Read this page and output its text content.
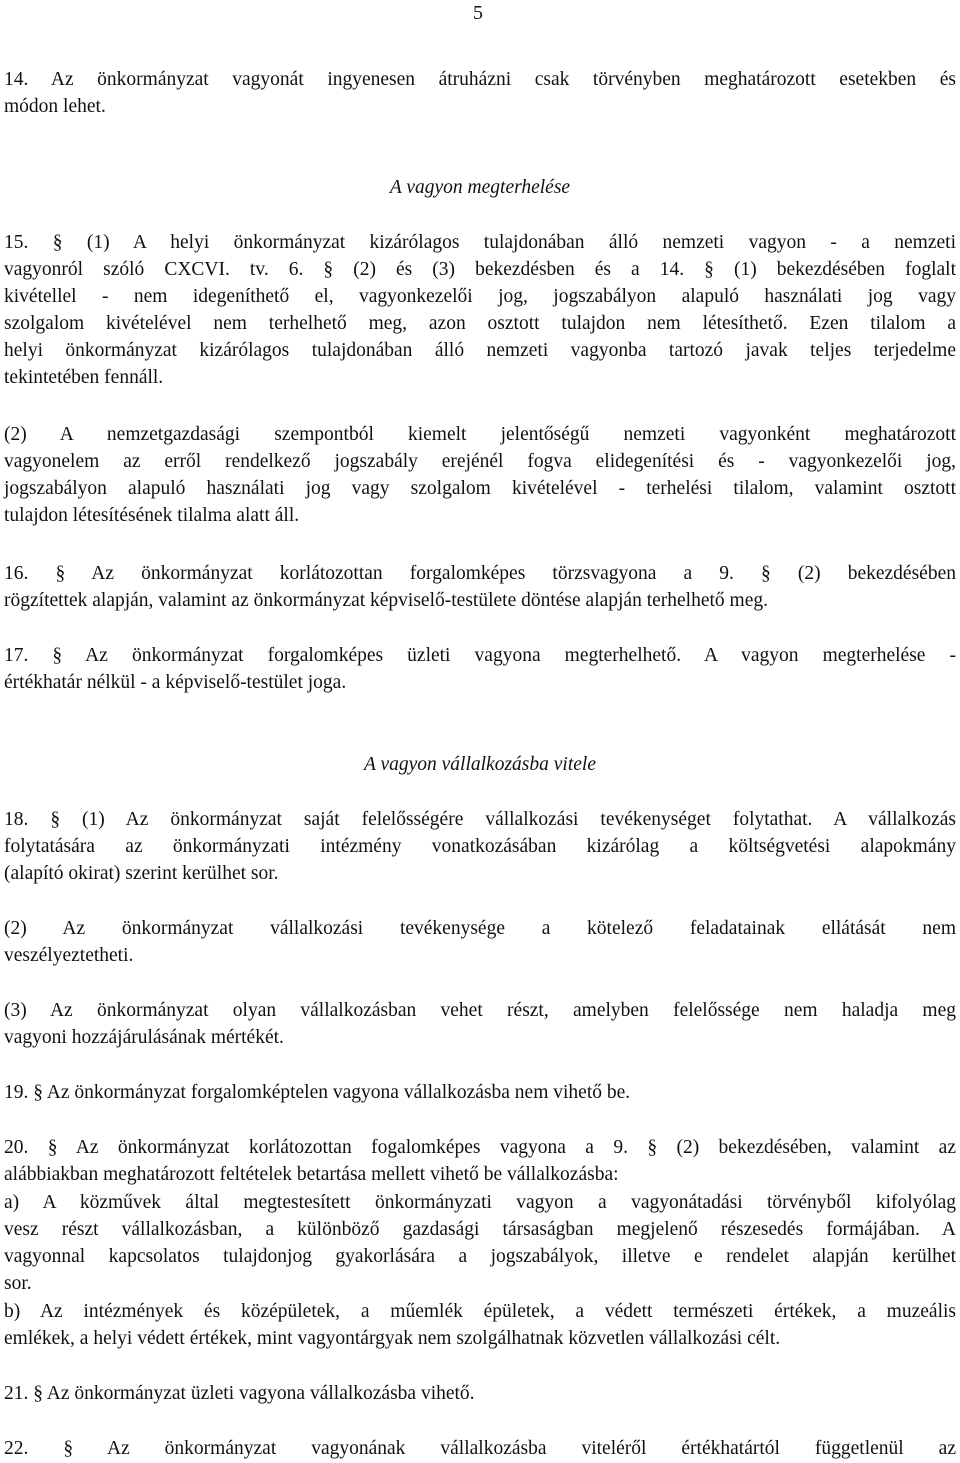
5
14. Az önkormányzat vagyonát ingyenesen átruházni csak törvényben meghatározott esetekben és
módon lehet.
A vagyon megterhelése
15. § (1) A helyi önkormányzat kizárólagos tulajdonában álló nemzeti vagyon - a nemzeti
vagyonról szóló CXCVI. tv. 6. § (2) és (3) bekezdésben és a 14. § (1) bekezdésében foglalt
kivétellel - nem idegeníthető el, vagyonkezelői jog, jogszabályon alapuló használati jog vagy
szolgalom kivételével nem terhelhető meg, azon osztott tulajdon nem létesíthető. Ezen tilalom a
helyi önkormányzat kizárólagos tulajdonában álló nemzeti vagyonba tartozó javak teljes terjedelme
tekintetében fennáll.
(2) A nemzetgazdasági szempontból kiemelt jelentőségű nemzeti vagyonként meghatározott
vagyonelem az erről rendelkező jogszabály erejénél fogva elidegenítési és - vagyonkezelői jog,
jogszabályon alapuló használati jog vagy szolgalom kivételével - terhelési tilalom, valamint osztott
tulajdon létesítésének tilalma alatt áll.
16. § Az önkormányzat korlátozottan forgalomképes törzsvagyona a 9. § (2) bekezdésében
rögzítettek alapján, valamint az önkormányzat képviselő-testülete döntése alapján terhelhető meg.
17. § Az önkormányzat forgalomképes üzleti vagyona megterhelhető. A vagyon megterhelése -
értékhatár nélkül - a képviselő-testület joga.
A vagyon vállalkozásba vitele
18. § (1) Az önkormányzat saját felelősségére vállalkozási tevékenységet folytathat. A vállalkozás
folytatására az önkormányzati intézmény vonatkozásában kizárólag a költségvetési alapokmány
(alapító okirat) szerint kerülhet sor.
(2) Az önkormányzat vállalkozási tevékenysége a kötelező feladatainak ellátását nem
veszélyeztetheti.
(3) Az önkormányzat olyan vállalkozásban vehet részt, amelyben felelőssége nem haladja meg
vagyoni hozzájárulásának mértékét.
19. § Az önkormányzat forgalomképtelen vagyona vállalkozásba nem vihető be.
20. § Az önkormányzat korlátozottan fogalomképes vagyona a 9. § (2) bekezdésében, valamint az
alábbiakban meghatározott feltételek betartása mellett vihető be vállalkozásba:
a) A közművek által megtestesített önkormányzati vagyon a vagyonátadási törvényből kifolyólag
vesz részt vállalkozásban, a különböző gazdasági társaságban megjelenő részesedés formájában. A
vagyonnal kapcsolatos tulajdonjog gyakorlására a jogszabályok, illetve e rendelet alapján kerülhet
sor.
b) Az intézmények és középületek, a műemlék épületek, a védett természeti értékek, a muzeális
emlékek, a helyi védett értékek, mint vagyontárgyak nem szolgálhatnak közvetlen vállalkozási célt.
21. § Az önkormányzat üzleti vagyona vállalkozásba vihető.
22. § Az önkormányzat vagyonának vállalkozásba viteléről értékhatártól függetlenül az
